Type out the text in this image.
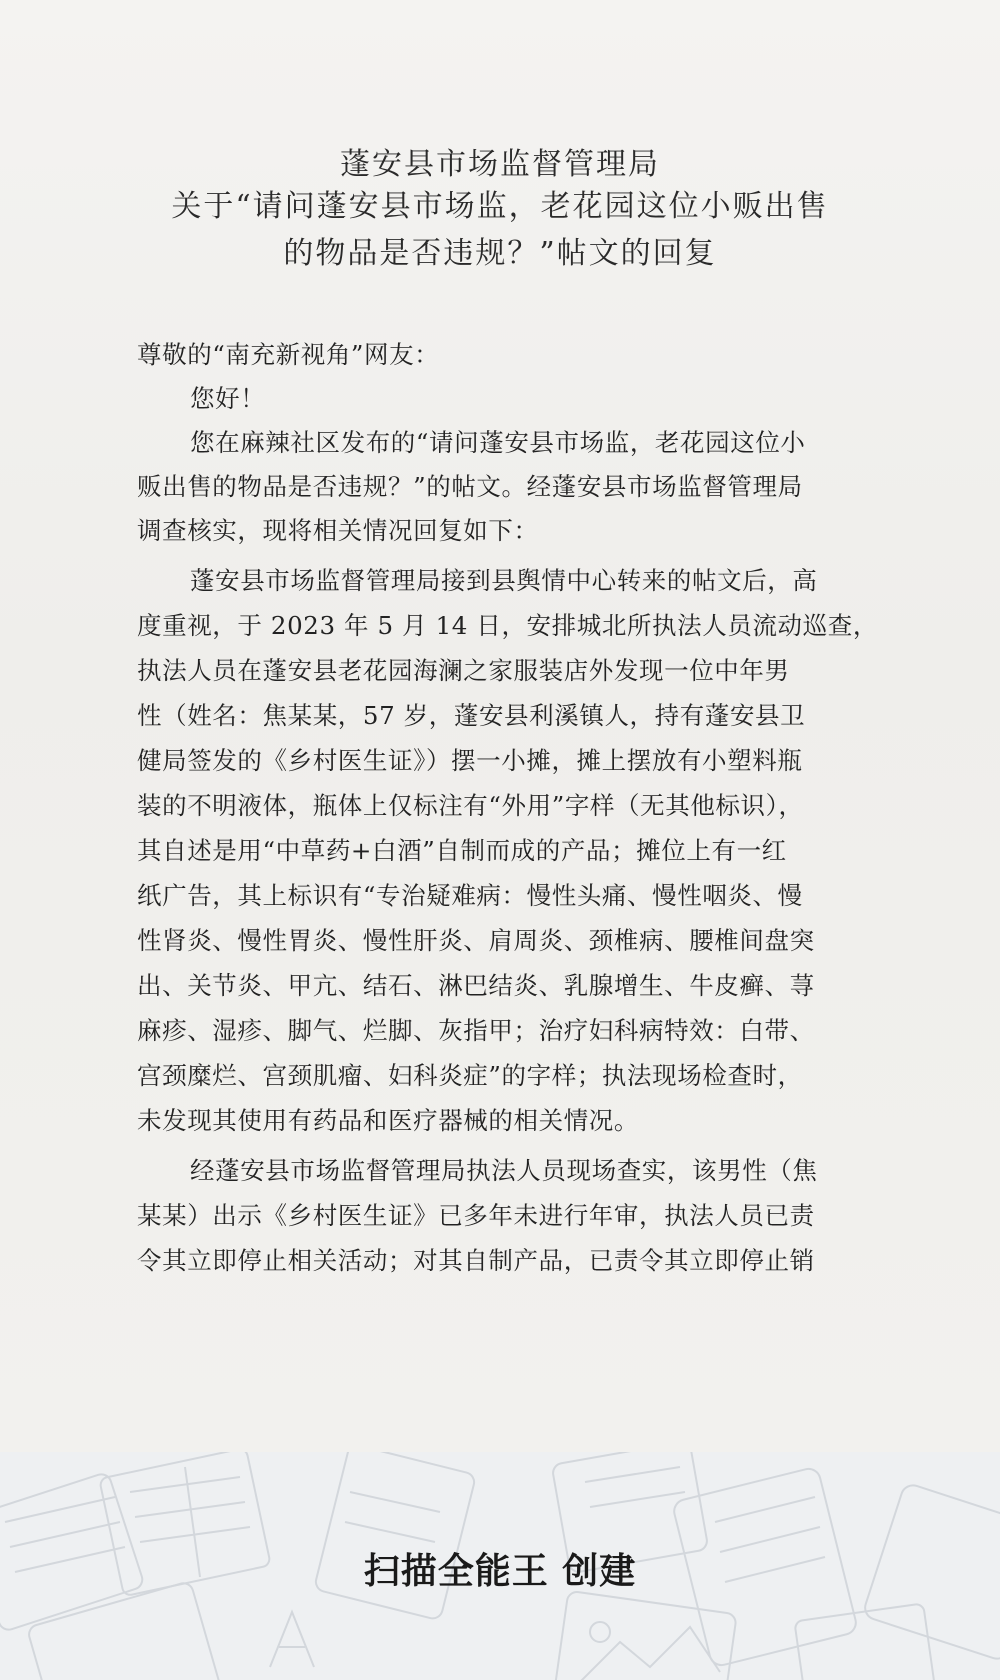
蓬安县市场监督管理局
关于“请问蓬安县市场监，老花园这位小贩出售
的物品是否违规？”帖文的回复
尊敬的“南充新视角”网友：
您好！
您在麻辣社区发布的“请问蓬安县市场监，老花园这位小
贩出售的物品是否违规？”的帖文。经蓬安县市场监督管理局
调查核实，现将相关情况回复如下：
蓬安县市场监督管理局接到县舆情中心转来的帖文后，高
度重视，于 2023 年 5 月 14 日，安排城北所执法人员流动巡查，
执法人员在蓬安县老花园海澜之家服装店外发现一位中年男
性（姓名：焦某某，57 岁，蓬安县利溪镇人，持有蓬安县卫
健局签发的《乡村医生证》）摆一小摊，摊上摆放有小塑料瓶
装的不明液体，瓶体上仅标注有“外用”字样（无其他标识），
其自述是用“中草药+白酒”自制而成的产品；摊位上有一红
纸广告，其上标识有“专治疑难病：慢性头痛、慢性咽炎、慢
性肾炎、慢性胃炎、慢性肝炎、肩周炎、颈椎病、腰椎间盘突
出、关节炎、甲亢、结石、淋巴结炎、乳腺增生、牛皮癣、荨
麻疹、湿疹、脚气、烂脚、灰指甲；治疗妇科病特效：白带、
宫颈糜烂、宫颈肌瘤、妇科炎症”的字样；执法现场检查时，
未发现其使用有药品和医疗器械的相关情况。
经蓬安县市场监督管理局执法人员现场查实，该男性（焦
某某）出示《乡村医生证》已多年未进行年审，执法人员已责
令其立即停止相关活动；对其自制产品，已责令其立即停止销
扫描全能王 创建
